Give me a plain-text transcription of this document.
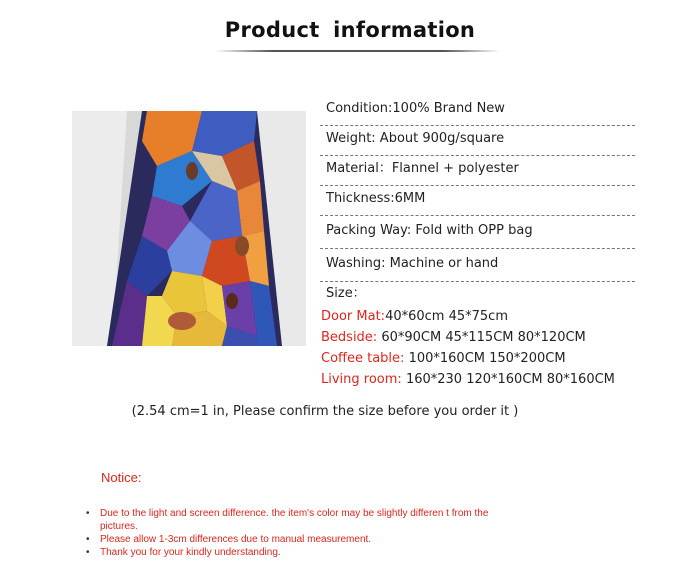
Product information
Condition:100% Brand New
Weight: About 900g/square
Material：Flannel + polyester
Thickness:6MM
Packing Way: Fold with OPP bag
Washing: Machine or hand
Size：
Door Mat:40*60cm 45*75cm
Bedside: 60*90CM 45*115CM 80*120CM
Coffee table: 100*160CM 150*200CM
Living room: 160*230 120*160CM 80*160CM
(2.54 cm=1 in, Please confirm the size before you order it )
Notice:
• Due to the light and screen difference. the item's color may be slightly differen t from the pictures.
• Please allow 1-3cm differences due to manual measurement.
• Thank you for your kindly understanding.
